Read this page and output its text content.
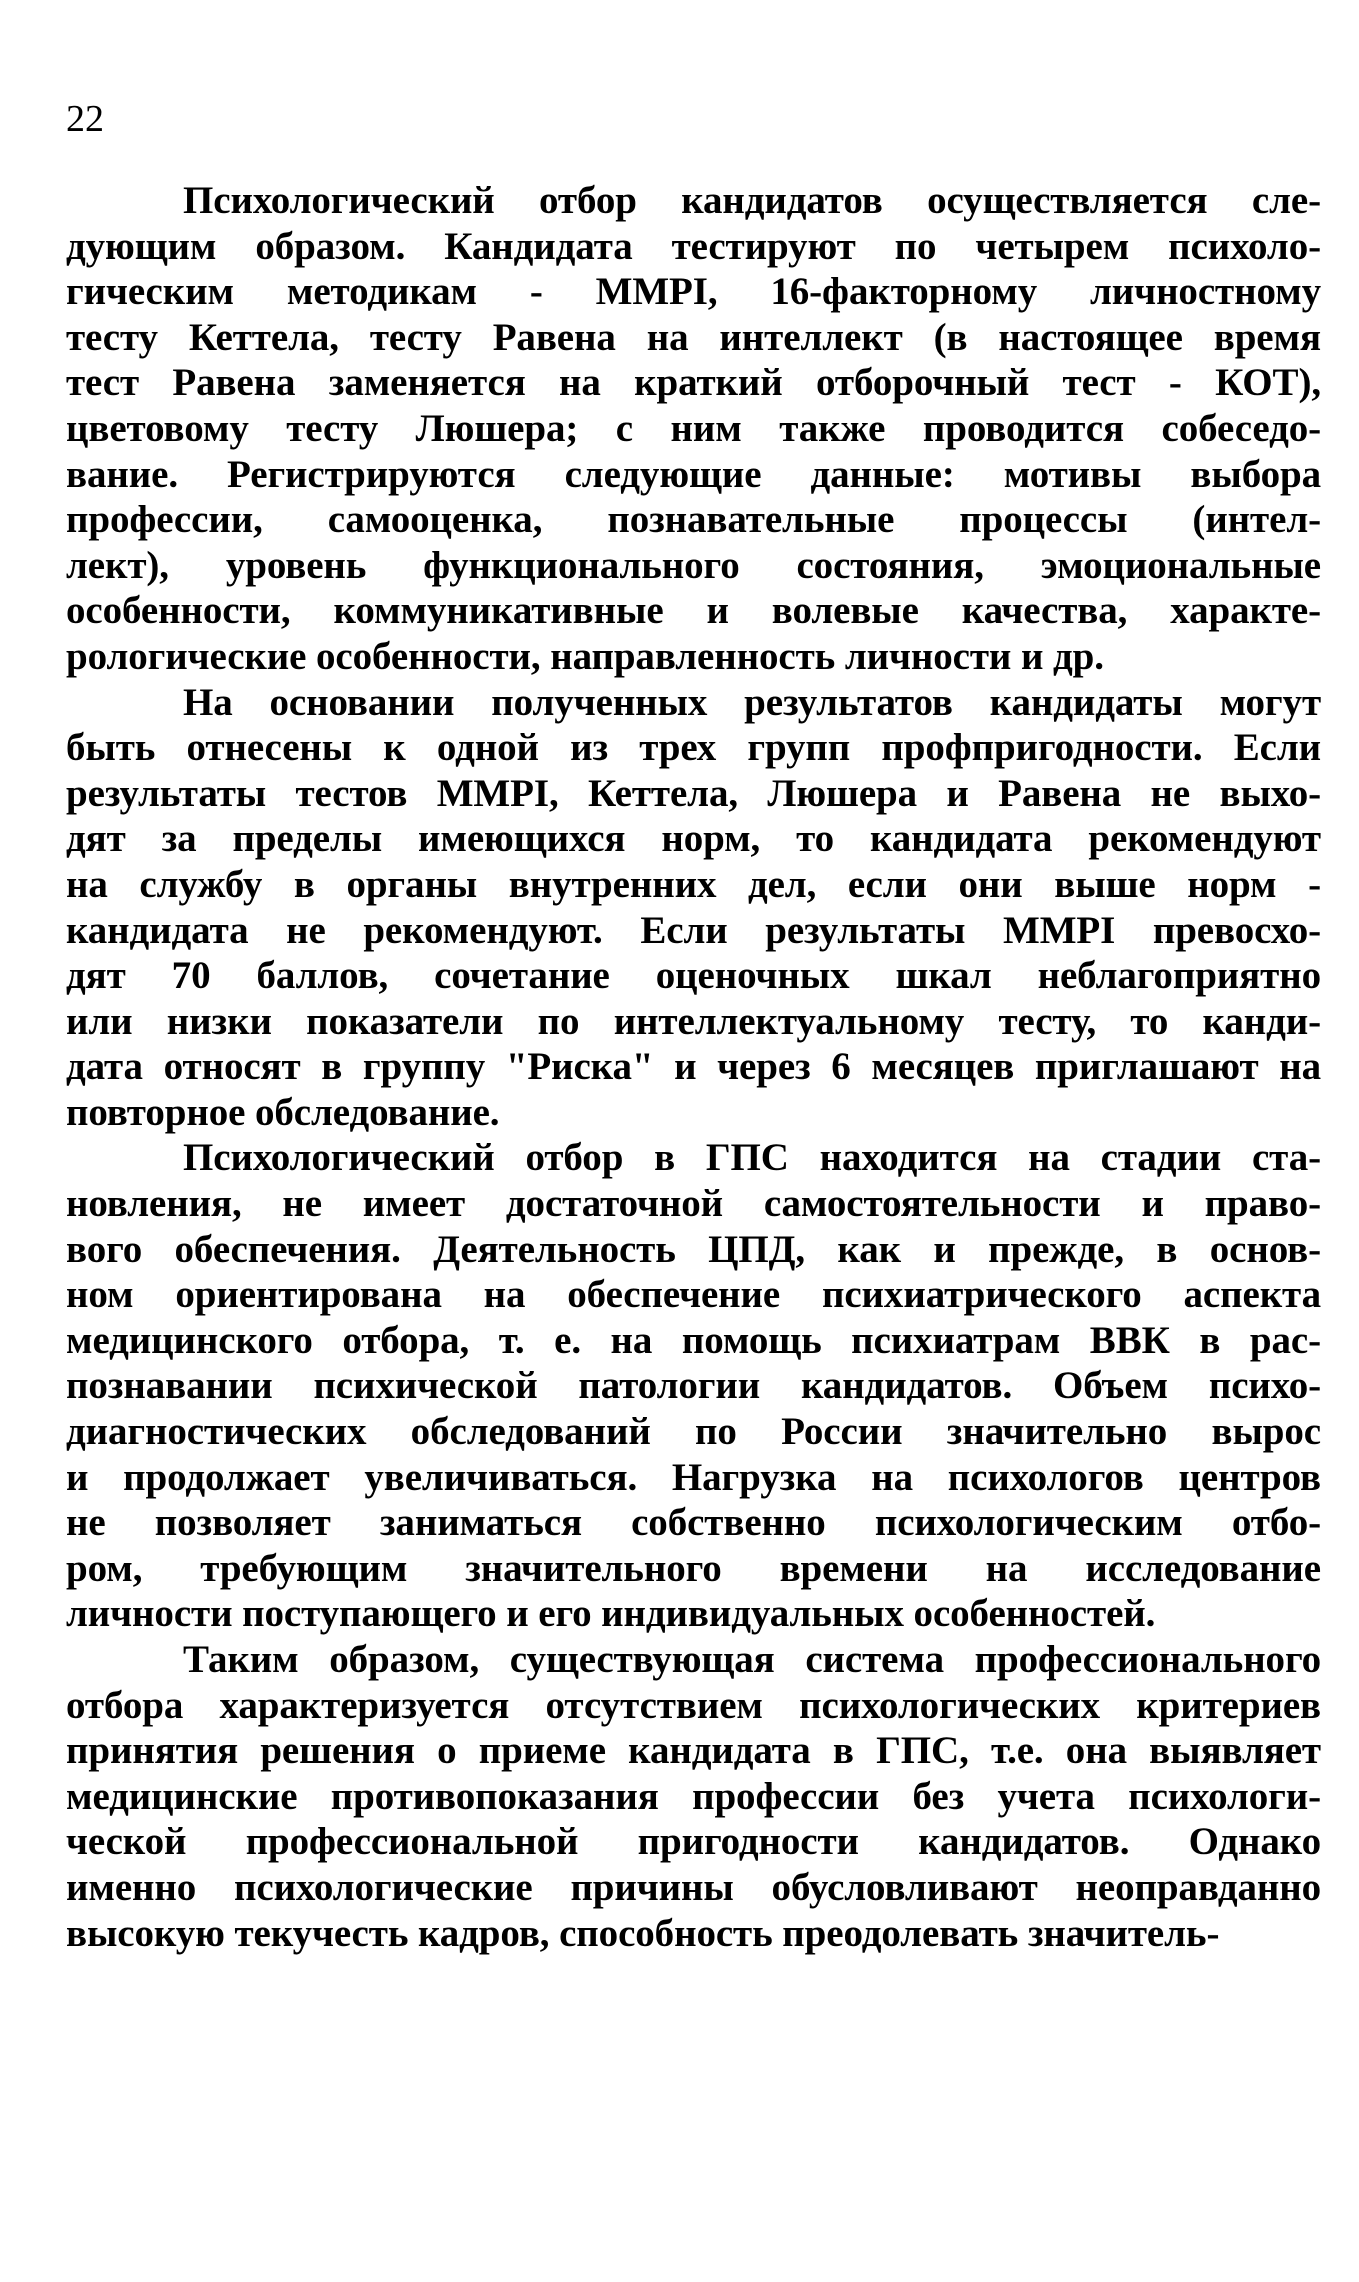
22
Психологический отбор кандидатов осуществляется сле-
дующим образом. Кандидата тестируют по четырем психоло-
гическим методикам - MMPI, 16-факторному личностному
тесту Кеттела, тесту Равена на интеллект (в настоящее время
тест Равена заменяется на краткий отборочный тест - КОТ),
цветовому тесту Люшера; с ним также проводится собеседо-
вание. Регистрируются следующие данные: мотивы выбора
профессии, самооценка, познавательные процессы (интел-
лект), уровень функционального состояния, эмоциональные
особенности, коммуникативные и волевые качества, характе-
рологические особенности, направленность личности и др.
На основании полученных результатов кандидаты могут
быть отнесены к одной из трех групп профпригодности. Если
результаты тестов MMPI, Кеттела, Люшера и Равена не выхо-
дят за пределы имеющихся норм, то кандидата рекомендуют
на службу в органы внутренних дел, если они выше норм -
кандидата не рекомендуют. Если результаты MMPI превосхо-
дят 70 баллов, сочетание оценочных шкал неблагоприятно
или низки показатели по интеллектуальному тесту, то канди-
дата относят в группу "Риска" и через 6 месяцев приглашают на
повторное обследование.
Психологический отбор в ГПС находится на стадии ста-
новления, не имеет достаточной самостоятельности и право-
вого обеспечения. Деятельность ЦПД, как и прежде, в основ-
ном ориентирована на обеспечение психиатрического аспекта
медицинского отбора, т. е. на помощь психиатрам ВВК в рас-
познавании психической патологии кандидатов. Объем психо-
диагностических обследований по России значительно вырос
и продолжает увеличиваться. Нагрузка на психологов центров
не позволяет заниматься собственно психологическим отбо-
ром, требующим значительного времени на исследование
личности поступающего и его индивидуальных особенностей.
Таким образом, существующая система профессионального
отбора характеризуется отсутствием психологических критериев
принятия решения о приеме кандидата в ГПС, т.е. она выявляет
медицинские противопоказания профессии без учета психологи-
ческой профессиональной пригодности кандидатов. Однако
именно психологические причины обусловливают неоправданно
высокую текучесть кадров, способность преодолевать значитель-
